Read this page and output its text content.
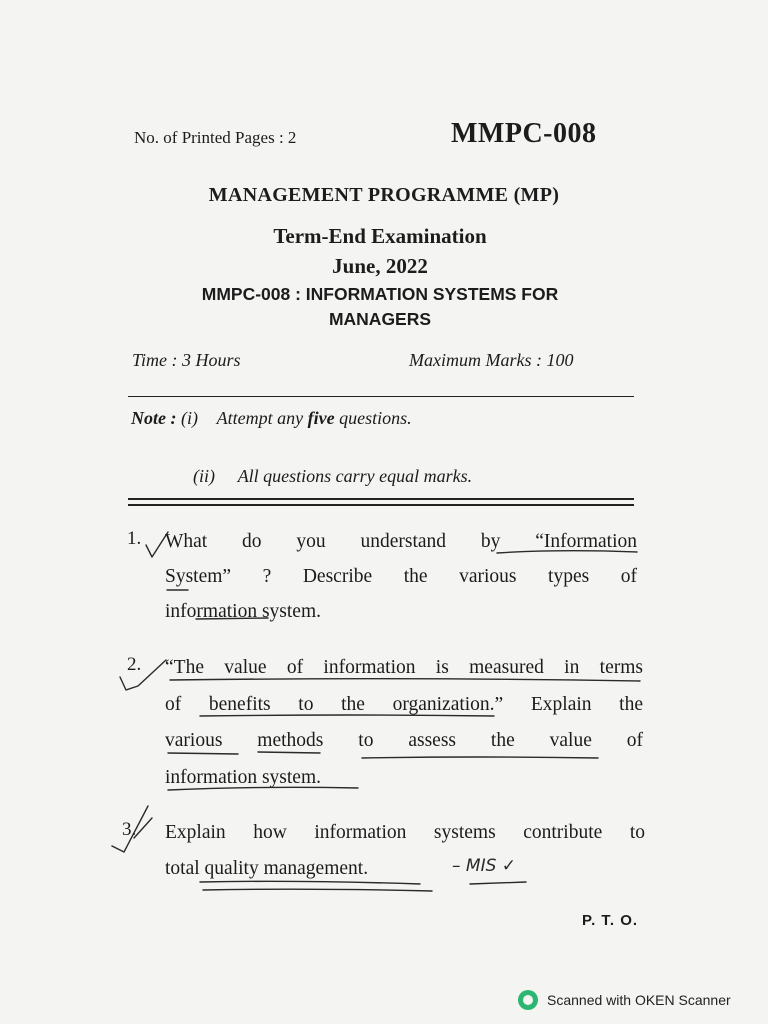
No. of Printed Pages : 2	MMPC-008
MANAGEMENT PROGRAMME (MP)
Term-End Examination
June, 2022
MMPC-008 : INFORMATION SYSTEMS FOR MANAGERS
Time : 3 Hours	Maximum Marks : 100
Note : (i) Attempt any five questions.
(ii) All questions carry equal marks.
1. What do you understand by “Information
System” ? Describe the various types of
information system.
2. “The value of information is measured in terms
of benefits to the organization.” Explain the
various methods to assess the value of
information system.
3. Explain how information systems contribute to
total quality management.	– MIS ✓
P. T. O.
Scanned with OKEN Scanner
